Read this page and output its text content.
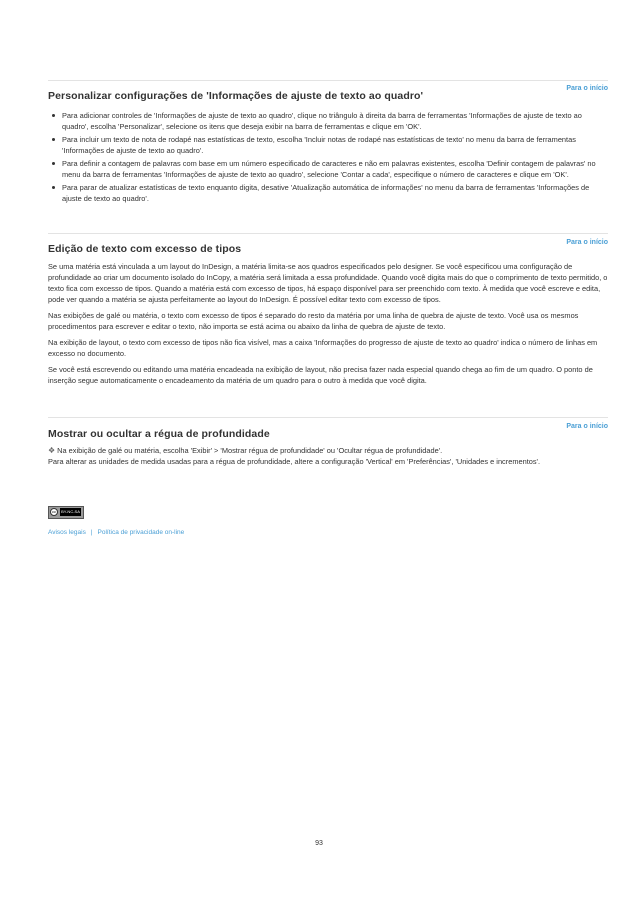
Para o início
Personalizar configurações de 'Informações de ajuste de texto ao quadro'
Para adicionar controles de 'Informações de ajuste de texto ao quadro', clique no triângulo à direita da barra de ferramentas 'Informações de ajuste de texto ao quadro', escolha 'Personalizar', selecione os itens que deseja exibir na barra de ferramentas e clique em 'OK'.
Para incluir um texto de nota de rodapé nas estatísticas de texto, escolha 'Incluir notas de rodapé nas estatísticas de texto' no menu da barra de ferramentas 'Informações de ajuste de texto ao quadro'.
Para definir a contagem de palavras com base em um número especificado de caracteres e não em palavras existentes, escolha 'Definir contagem de palavras' no menu da barra de ferramentas 'Informações de ajuste de texto ao quadro', selecione 'Contar a cada', especifique o número de caracteres e clique em 'OK'.
Para parar de atualizar estatísticas de texto enquanto digita, desative 'Atualização automática de informações' no menu da barra de ferramentas 'Informações de ajuste de texto ao quadro'.
Para o início
Edição de texto com excesso de tipos

Se uma matéria está vinculada a um layout do InDesign, a matéria limita-se aos quadros especificados pelo designer. Se você especificou uma configuração de profundidade ao criar um documento isolado do InCopy, a matéria será limitada a essa profundidade. Quando você digita mais do que o comprimento de texto permitido, o texto fica com excesso de tipos. Quando a matéria está com excesso de tipos, há espaço disponível para ser preenchido com texto. À medida que você escreve e edita, pode ver quando a matéria se ajusta perfeitamente ao layout do InDesign. É possível editar texto com excesso de tipos.

Nas exibições de galé ou matéria, o texto com excesso de tipos é separado do resto da matéria por uma linha de quebra de ajuste de texto. Você usa os mesmos procedimentos para escrever e editar o texto, não importa se está acima ou abaixo da linha de quebra de ajuste de texto.

Na exibição de layout, o texto com excesso de tipos não fica visível, mas a caixa 'Informações do progresso de ajuste de texto ao quadro' indica o número de linhas em excesso no documento.

Se você está escrevendo ou editando uma matéria encadeada na exibição de layout, não precisa fazer nada especial quando chega ao fim de um quadro. O ponto de inserção segue automaticamente o encadeamento da matéria de um quadro para o outro à medida que você digita.

Para o início
Mostrar ou ocultar a régua de profundidade
❖ Na exibição de galé ou matéria, escolha 'Exibir' > 'Mostrar régua de profundidade' ou 'Ocultar régua de profundidade'.

Para alterar as unidades de medida usadas para a régua de profundidade, altere a configuração 'Vertical' em 'Preferências', 'Unidades e incrementos'.

cc	BY-NC-SA
Avisos legais | Política de privacidade on-line
93
